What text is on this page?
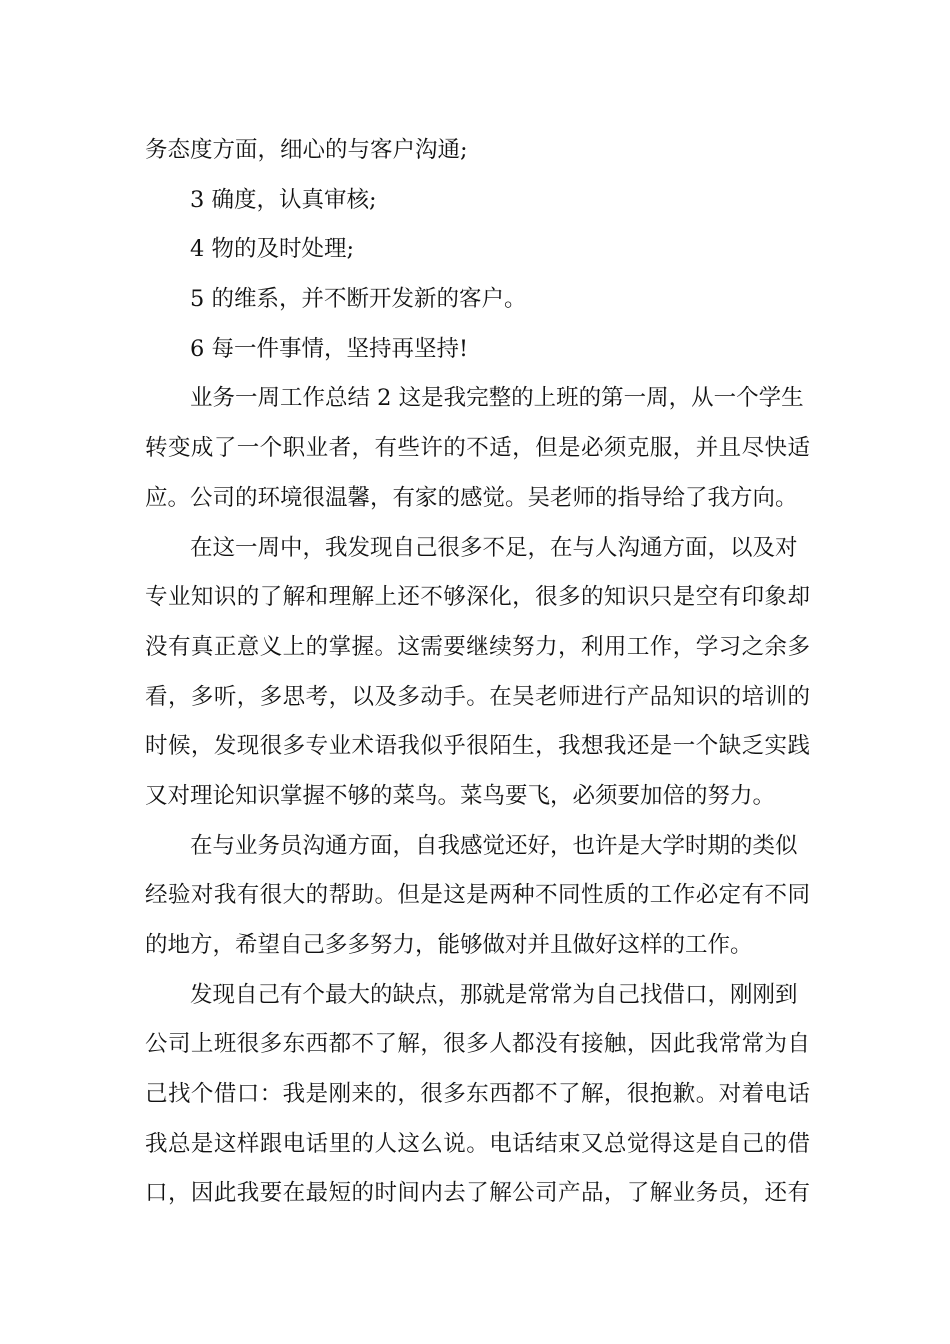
务态度方面，细心的与客户沟通;
3 确度，认真审核;
4 物的及时处理;
5 的维系，并不断开发新的客户。
6 每一件事情，坚持再坚持!
业务一周工作总结 2 这是我完整的上班的第一周，从一个学生
转变成了一个职业者，有些许的不适，但是必须克服，并且尽快适
应。公司的环境很温馨，有家的感觉。吴老师的指导给了我方向。
在这一周中，我发现自己很多不足，在与人沟通方面，以及对
专业知识的了解和理解上还不够深化，很多的知识只是空有印象却
没有真正意义上的掌握。这需要继续努力，利用工作，学习之余多
看，多听，多思考，以及多动手。在吴老师进行产品知识的培训的
时候，发现很多专业术语我似乎很陌生，我想我还是一个缺乏实践
又对理论知识掌握不够的菜鸟。菜鸟要飞，必须要加倍的努力。
在与业务员沟通方面，自我感觉还好，也许是大学时期的类似
经验对我有很大的帮助。但是这是两种不同性质的工作必定有不同
的地方，希望自己多多努力，能够做对并且做好这样的工作。
发现自己有个最大的缺点，那就是常常为自己找借口，刚刚到
公司上班很多东西都不了解，很多人都没有接触，因此我常常为自
己找个借口：我是刚来的，很多东西都不了解，很抱歉。对着电话
我总是这样跟电话里的人这么说。电话结束又总觉得这是自己的借
口，因此我要在最短的时间内去了解公司产品，了解业务员，还有
